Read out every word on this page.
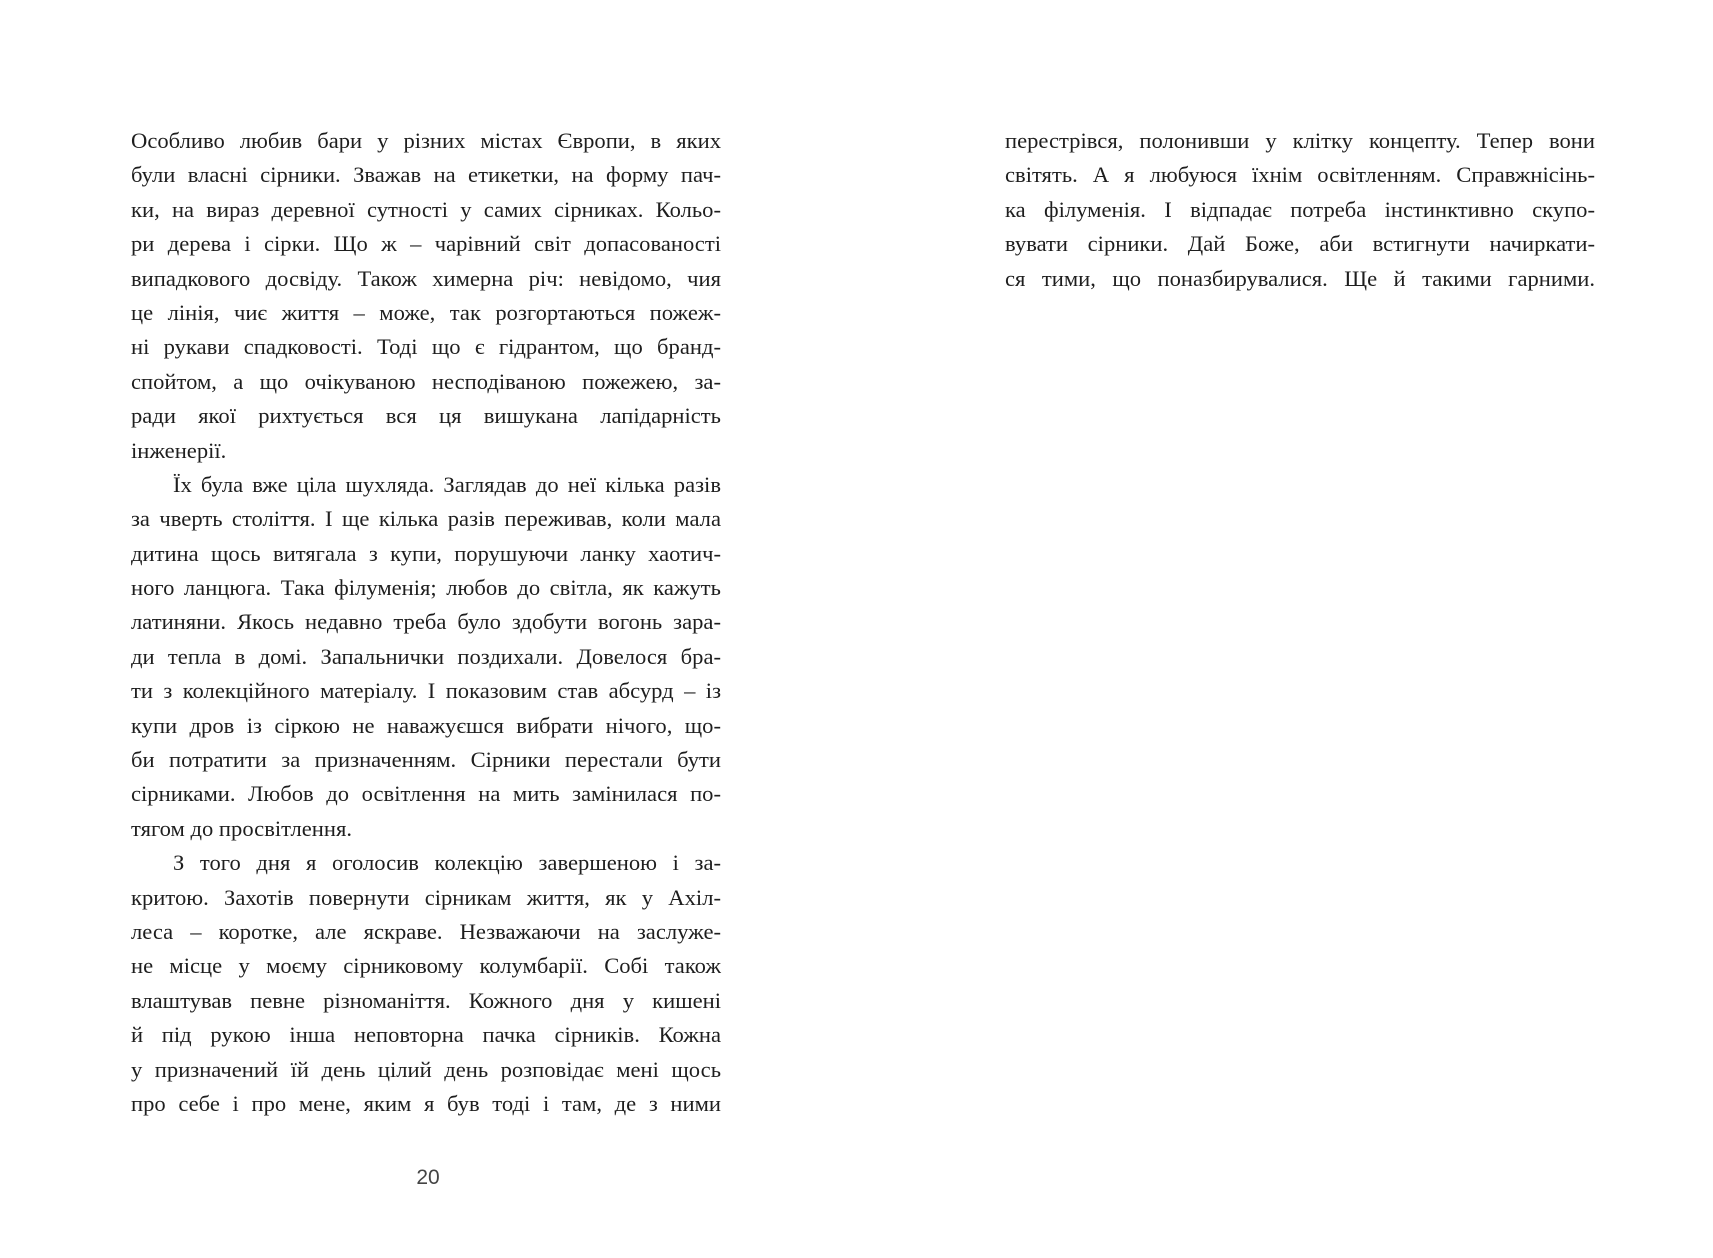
Особливо любив бари у різних містах Європи, в яких
були власні сірники. Зважав на етикетки, на форму пач-
ки, на вираз деревної сутності у самих сірниках. Кольо-
ри дерева і сірки. Що ж – чарівний світ допасованості
випадкового досвіду. Також химерна річ: невідомо, чия
це лінія, чиє життя – може, так розгортаються пожеж-
ні рукави спадковості. Тоді що є гідрантом, що бранд-
спойтом, а що очікуваною несподіваною пожежею, за-
ради якої рихтується вся ця вишукана лапідарність
інженерії.
Їх була вже ціла шухляда. Заглядав до неї кілька разів
за чверть століття. І ще кілька разів переживав, коли мала
дитина щось витягала з купи, порушуючи ланку хаотич-
ного ланцюга. Така філуменія; любов до світла, як кажуть
латиняни. Якось недавно треба було здобути вогонь зара-
ди тепла в домі. Запальнички поздихали. Довелося бра-
ти з колекційного матеріалу. І показовим став абсурд – із
купи дров із сіркою не наважуєшся вибрати нічого, що-
би потратити за призначенням. Сірники перестали бути
сірниками. Любов до освітлення на мить замінилася по-
тягом до просвітлення.
З того дня я оголосив колекцію завершеною і за-
критою. Захотів повернути сірникам життя, як у Ахіл-
леса – коротке, але яскраве. Незважаючи на заслуже-
не місце у моєму сірниковому колумбарії. Собі також
влаштував певне різноманіття. Кожного дня у кишені
й під рукою інша неповторна пачка сірників. Кожна
у призначений їй день цілий день розповідає мені щось
про себе і про мене, яким я був тоді і там, де з ними
20
перестрівся, полонивши у клітку концепту. Тепер вони
світять. А я любуюся їхнім освітленням. Справжнісінь-
ка філуменія. І відпадає потреба інстинктивно скупо-
вувати сірники. Дай Боже, аби встигнути начиркати-
ся тими, що поназбирувалися. Ще й такими гарними.
